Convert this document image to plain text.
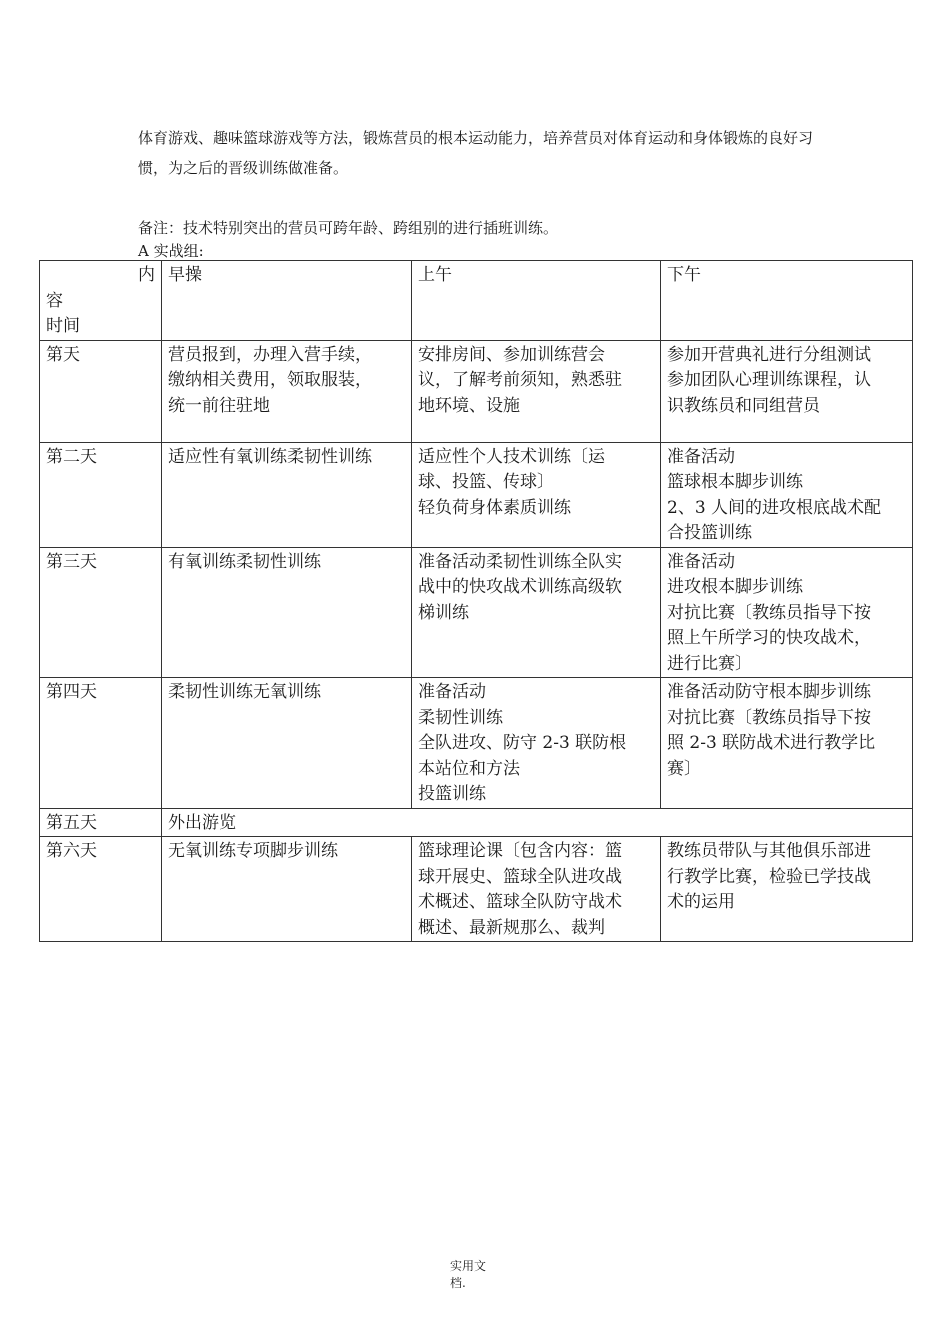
体育游戏、趣味篮球游戏等方法，锻炼营员的根本运动能力，培养营员对体育运动和身体锻炼的良好习
惯，为之后的晋级训练做准备。
备注：技术特别突出的营员可跨年龄、跨组别的进行插班训练。
A 实战组:
内
容
时间	早操	上午	下午
第天	营员报到，办理入营手续，
缴纳相关费用，领取服装，
统一前往驻地	安排房间、参加训练营会
议，了解考前须知，熟悉驻
地环境、设施	参加开营典礼进行分组测试
参加团队心理训练课程，认
识教练员和同组营员

第二天	适应性有氧训练柔韧性训练	适应性个人技术训练〔运
球、投篮、传球〕
轻负荷身体素质训练	准备活动
篮球根本脚步训练
2、3 人间的进攻根底战术配
合投篮训练

第三天	有氧训练柔韧性训练	准备活动柔韧性训练全队实
战中的快攻战术训练高级软
梯训练	准备活动
进攻根本脚步训练
对抗比赛〔教练员指导下按
照上午所学习的快攻战术，
进行比赛〕

第四天	柔韧性训练无氧训练	准备活动
柔韧性训练
全队进攻、防守 2-3 联防根
本站位和方法
投篮训练	准备活动防守根本脚步训练
对抗比赛〔教练员指导下按
照 2-3 联防战术进行教学比
赛〕

第五天	外出游览		
第六天	无氧训练专项脚步训练	篮球理论课〔包含内容：篮
球开展史、篮球全队进攻战
术概述、篮球全队防守战术
概述、最新规那么、裁判	教练员带队与其他俱乐部进
行教学比赛，检验已学技战
术的运用
实用文
档.
